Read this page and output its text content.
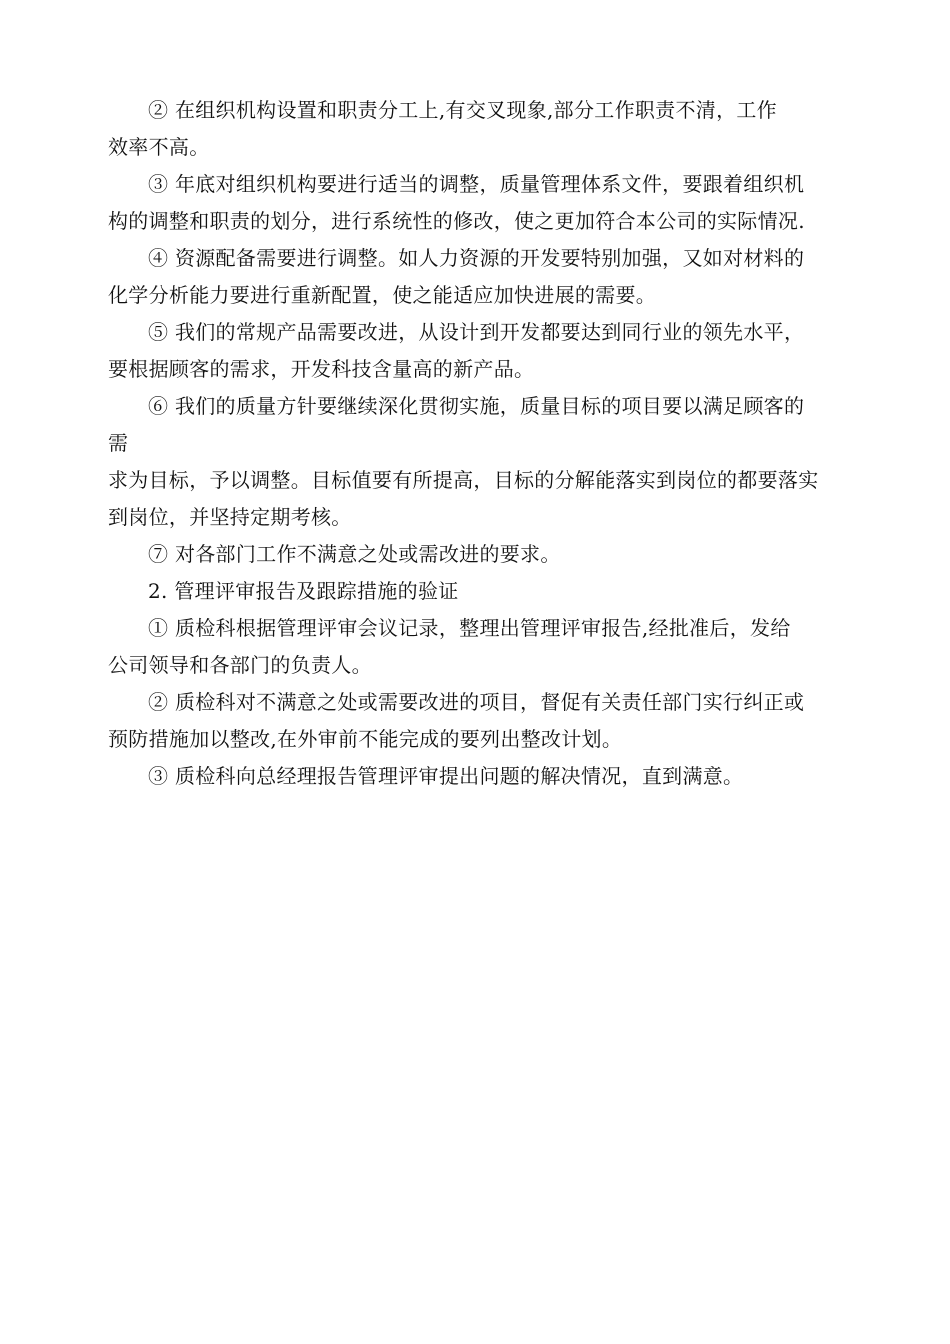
② 在组织机构设置和职责分工上,有交叉现象,部分工作职责不清，工作
效率不高。
③ 年底对组织机构要进行适当的调整，质量管理体系文件，要跟着组织机
构的调整和职责的划分，进行系统性的修改，使之更加符合本公司的实际情况.
④ 资源配备需要进行调整。如人力资源的开发要特别加强，又如对材料的
化学分析能力要进行重新配置，使之能适应加快进展的需要。
⑤ 我们的常规产品需要改进，从设计到开发都要达到同行业的领先水平，
要根据顾客的需求，开发科技含量高的新产品。
⑥ 我们的质量方针要继续深化贯彻实施，质量目标的项目要以满足顾客的
需
求为目标，予以调整。目标值要有所提高，目标的分解能落实到岗位的都要落实
到岗位，并坚持定期考核。
⑦ 对各部门工作不满意之处或需改进的要求。
2. 管理评审报告及跟踪措施的验证
① 质检科根据管理评审会议记录，整理出管理评审报告,经批准后，发给
公司领导和各部门的负责人。
② 质检科对不满意之处或需要改进的项目，督促有关责任部门实行纠正或
预防措施加以整改,在外审前不能完成的要列出整改计划。
③ 质检科向总经理报告管理评审提出问题的解决情况，直到满意。
